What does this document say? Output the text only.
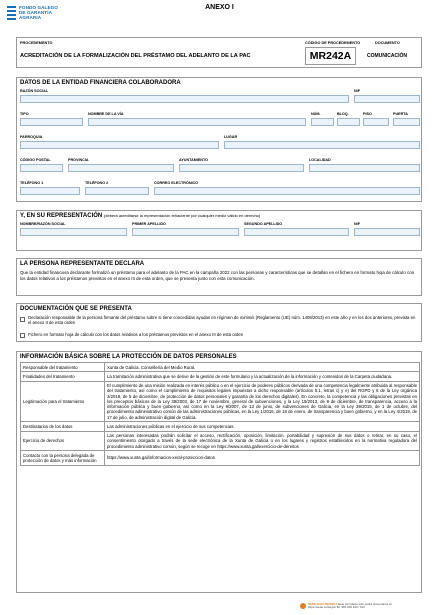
FONDO GALEGO
DE GARANTÍA
AGRARIA
ANEXO I
PROCEDEMENTO
ACREDITACIÓN DE LA FORMALIZACIÓN DEL PRÉSTAMO DEL ADELANTO DE LA PAC
CÓDIGO DE PROCEDEMENTO
MR242A
DOCUMENTO
COMUNICACIÓN
DATOS DE LA ENTIDAD FINANCIERA COLABORADORA
RAZÓN SOCIAL	NIF
TIPO	NOMBRE DE LA VÍA	NÚM.	BLOQ.	PISO	PUERTA
PARROQUIA	LUGAR
CÓDIGO POSTAL	PROVINCIA	AYUNTAMIENTO	LOCALIDAD
TELÉFONO 1	TELÉFONO 2	CORREO ELECTRÓNICO
Y, EN SU REPRESENTACIÓN (deberá acreditarse la representación fehaciente por cualquier medio válido en derecho)
NOMBRE/RAZÓN SOCIAL	PRIMER APELLIDO	SEGUNDO APELLIDO	NIF
LA PERSONA REPRESENTANTE DECLARA
Que la entidad financiera declarante formalizó un préstamo para el adelanto de la PAC en la campaña 2022 con las personas y características que se detallan en el fichero en formato hoja de cálculo con los datos relativos a los préstamos previstos en el anexo III de esta orden, que se presenta junto con esta comunicación.
DOCUMENTACIÓN QUE SE PRESENTA
Declaración responsable de la persona firmante del préstamo sobre si tiene concedidas ayudas en régimen de minimis (Reglamento (UE) núm. 1408/2013) en este año y en los dos anteriores, prevista en el anexo II de esta orden
Fichero en formato hoja de cálculo con los datos relativos a los préstamos previstos en el anexo III de esta orden
INFORMACIÓN BÁSICA SOBRE LA PROTECCIÓN DE DATOS PERSONALES
Responsable del tratamiento	Xunta de Galicia. Consellería del Medio Rural.
Finalidades del tratamiento	La tramitación administrativa que se derive de la gestión de este formulario y la actualización de la información y contenidos de la Carpeta ciudadana.
Legitimación para el tratamiento	El cumplimiento de una misión realizada en interés público o en el ejercicio de poderes públicos derivada de una competencia legalmente atribuida al responsable del tratamiento, así como el cumplimiento de requisitos legales impuestos a dicho responsable (artículos 6.1, letras c) y e) del RGPD y 8 de la Ley orgánica 3/2018, de 5 de diciembre, de protección de datos personales y garantía de los derechos digitales). En concreto, la competencia y las obligaciones previstas en los preceptos básicos de la Ley 38/2003, de 17 de noviembre, general de subvenciones, y la Ley 19/2013, de 9 de diciembre, de transparencia, acceso a la información pública y buen gobierno, así como en la Ley 9/2007, de 13 de junio, de subvenciones de Galicia, en la Ley 39/2015, de 1 de octubre, del procedimiento administrativo común de las administraciones públicas, en la Ley 1/2016, de 18 de enero, de transparencia y buen gobierno, y en la Ley 4/2019, de 17 de julio, de administración digital de Galicia.
Destinatarios de los datos	Las administraciones públicas en el ejercicio de sus competencias.
Ejercicio de derechos	Las personas interesadas podrán solicitar el acceso, rectificación, oposición, limitación, portabilidad y supresión de sus datos o retirar, en su caso, el consentimiento otorgado a través de la sede electrónica de la Xunta de Galicia o en los lugares y registros establecidos en la normativa reguladora del procedimiento administrativo común, según se recoge en https://www.xunta.gal/exercicio-de-dereitos
Contacto con la persona delegada de protección de datos y más información	https://www.xunta.gal/informacion-xeral-proteccion-datos
SEDE ELECTRÓNICA Este formulario solo podrá presentarse en
https://sede.xunta.gal Tel. 981 900 643 / 012
